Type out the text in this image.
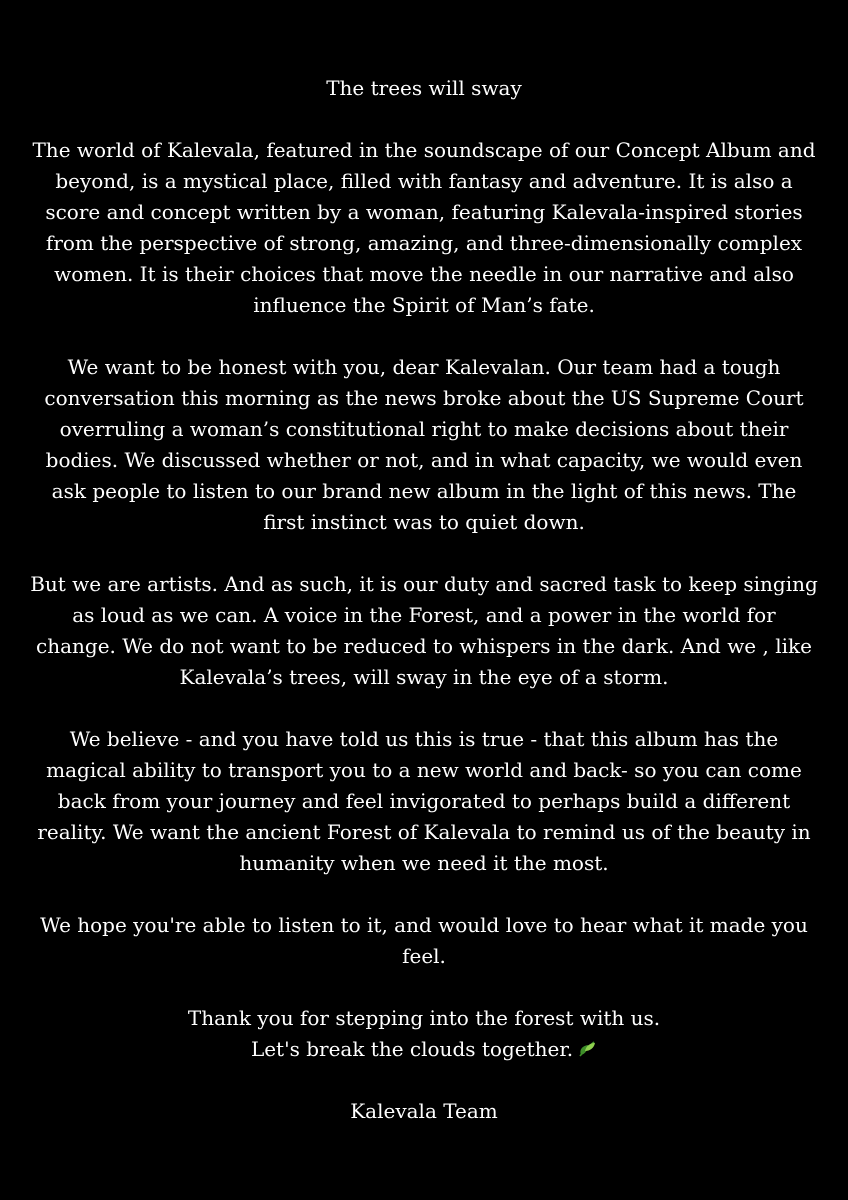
The trees will sway

The world of Kalevala, featured in the soundscape of our Concept Album and beyond, is a mystical place, filled with fantasy and adventure. It is also a score and concept written by a woman, featuring Kalevala-inspired stories from the perspective of strong, amazing, and three-dimensionally complex women. It is their choices that move the needle in our narrative and also influence the Spirit of Man’s fate.

We want to be honest with you, dear Kalevalan. Our team had a tough conversation this morning as the news broke about the US Supreme Court overruling a woman’s constitutional right to make decisions about their bodies. We discussed whether or not, and in what capacity, we would even ask people to listen to our brand new album in the light of this news. The first instinct was to quiet down.

But we are artists. And as such, it is our duty and sacred task to keep singing as loud as we can. A voice in the Forest, and a power in the world for change. We do not want to be reduced to whispers in the dark. And we , like Kalevala’s trees, will sway in the eye of a storm.

We believe - and you have told us this is true - that this album has the magical ability to transport you to a new world and back- so you can come back from your journey and feel invigorated to perhaps build a different reality. We want the ancient Forest of Kalevala to remind us of the beauty in humanity when we need it the most.

We hope you're able to listen to it, and would love to hear what it made you feel.

Thank you for stepping into the forest with us.

Let's break the clouds together.

Kalevala Team
